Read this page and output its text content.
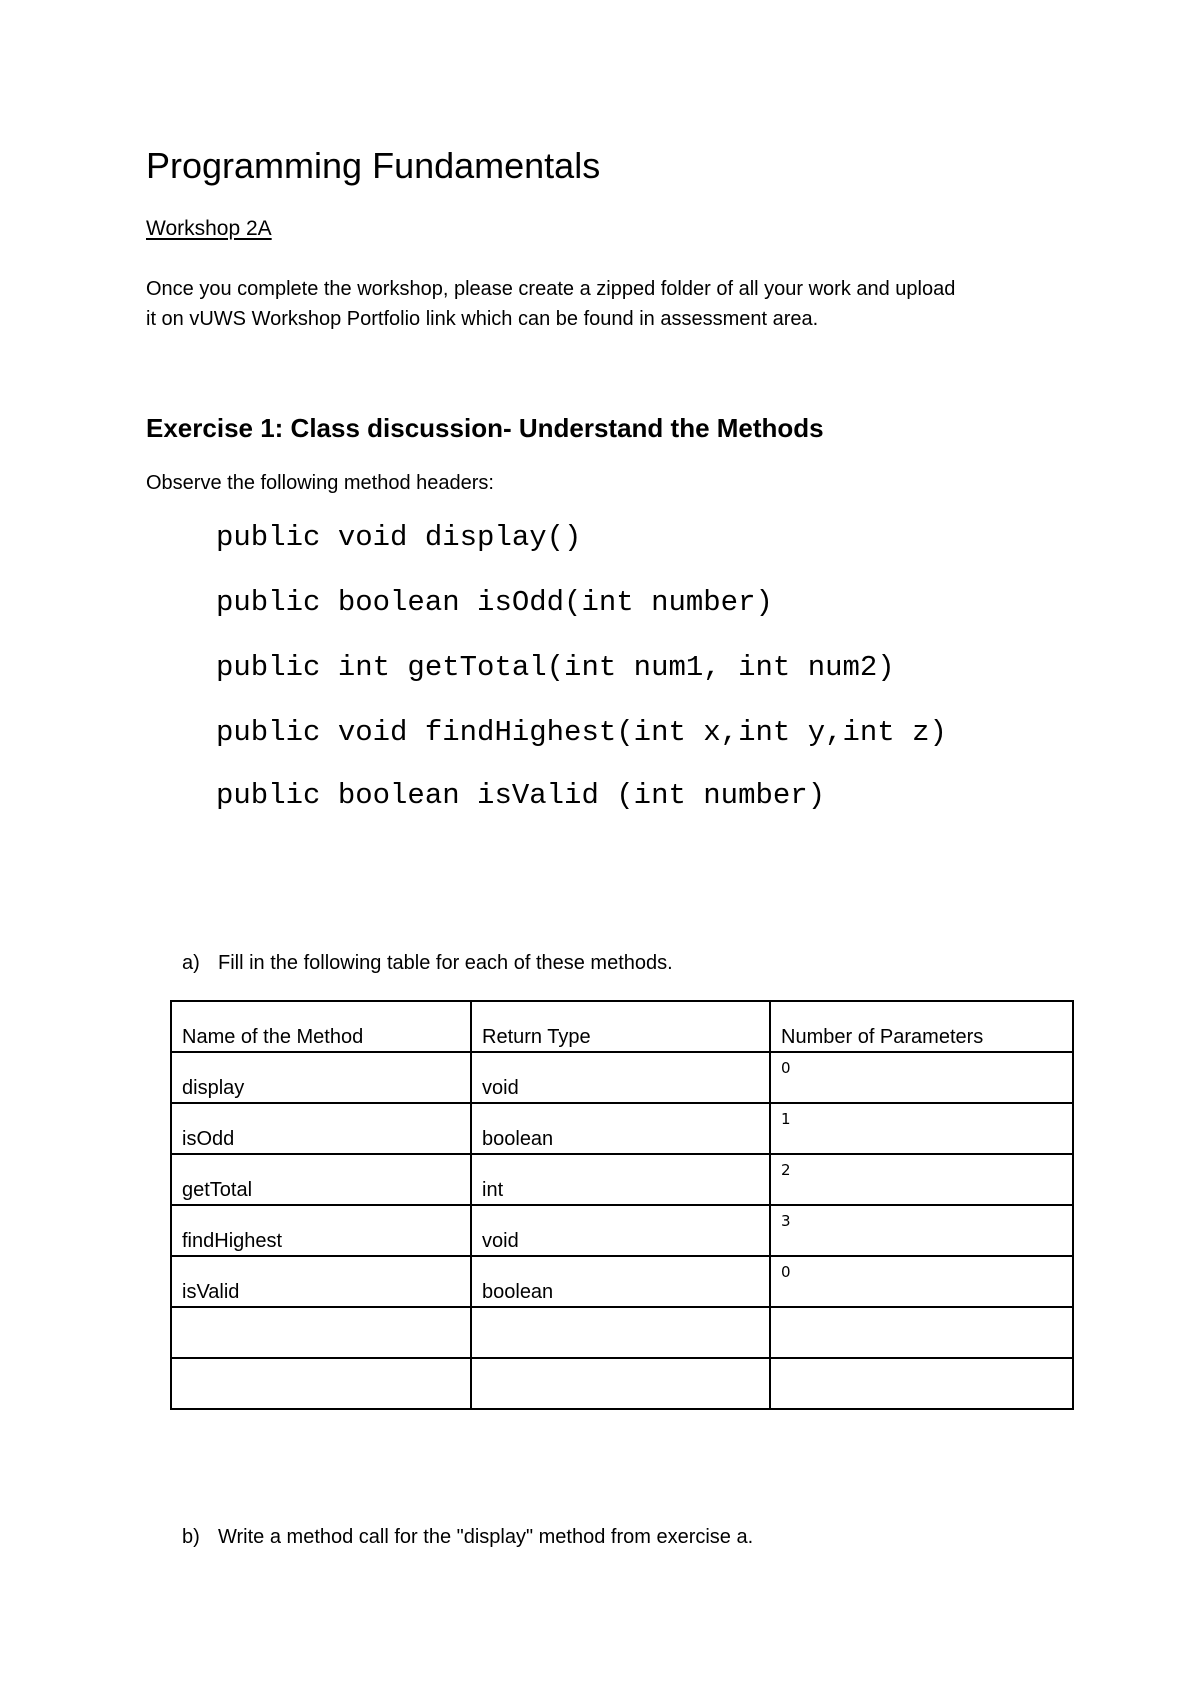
Programming Fundamentals
Workshop 2A

Once you complete the workshop, please create a zipped folder of all your work and upload

it on vUWS Workshop Portfolio link which can be found in assessment area.

Exercise 1: Class discussion- Understand the Methods
Observe the following method headers:
public void display()
public boolean isOdd(int number)
public int getTotal(int num1, int num2)
public void findHighest(int x,int y,int z)
public boolean isValid (int number)
a) Fill in the following table for each of these methods.
Name of the Method	Return Type	Number of Parameters

display	void	0

isOdd	boolean	1

getTotal	int	2

findHighest	void	3

isValid	boolean	0

b) Write a method call for the "display" method from exercise a.
